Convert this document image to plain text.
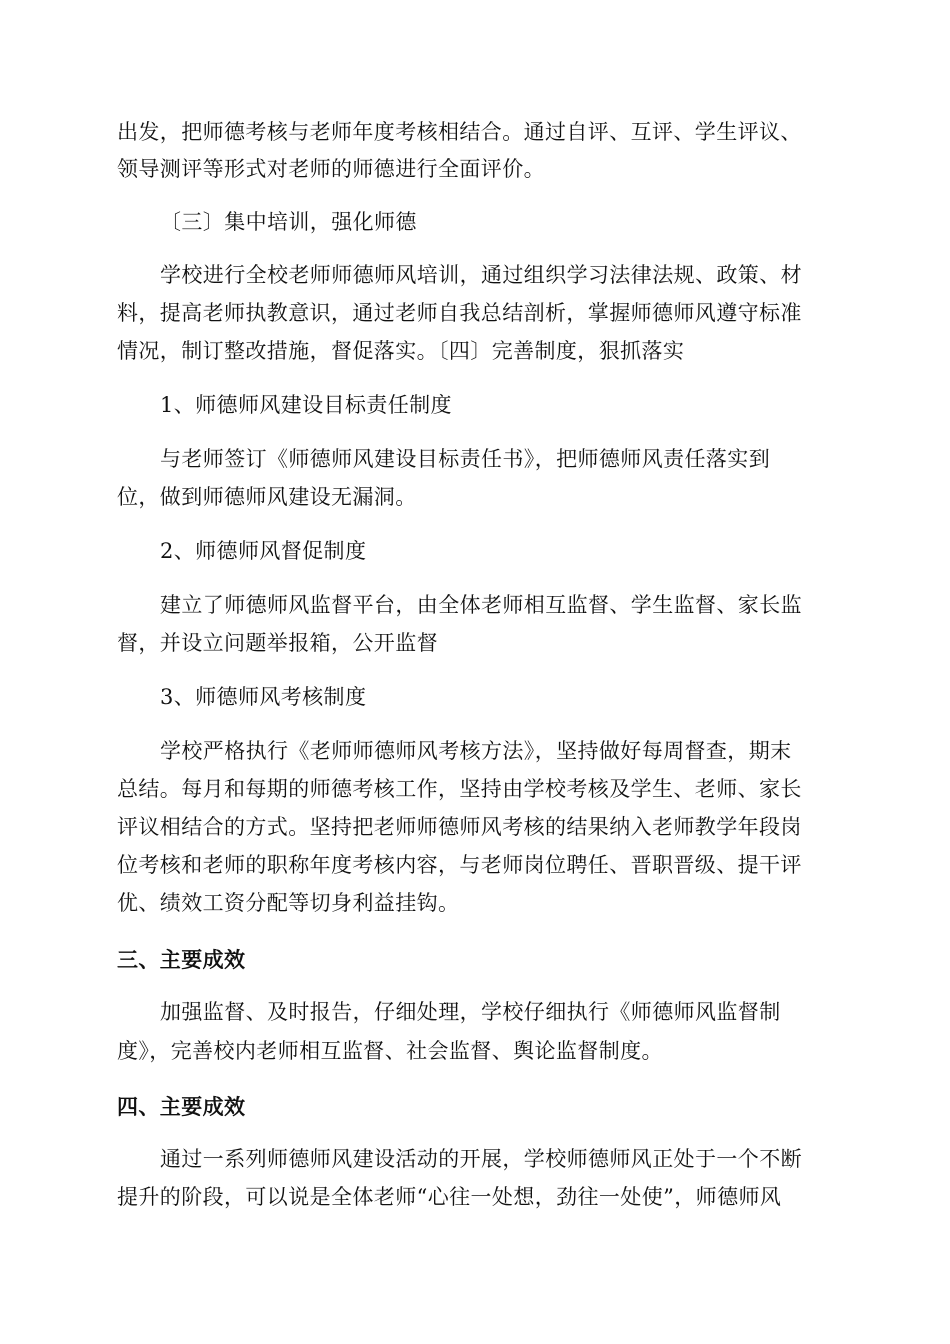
出发，把师德考核与老师年度考核相结合。通过自评、互评、学生评议、
领导测评等形式对老师的师德进行全面评价。
〔三〕集中培训，强化师德
学校进行全校老师师德师风培训，通过组织学习法律法规、政策、材
料，提高老师执教意识，通过老师自我总结剖析，掌握师德师风遵守标准
情况，制订整改措施，督促落实。〔四〕完善制度，狠抓落实
1、师德师风建设目标责任制度
与老师签订《师德师风建设目标责任书》，把师德师风责任落实到
位，做到师德师风建设无漏洞。
2、师德师风督促制度
建立了师德师风监督平台，由全体老师相互监督、学生监督、家长监
督，并设立问题举报箱，公开监督
3、师德师风考核制度
学校严格执行《老师师德师风考核方法》，坚持做好每周督查，期末
总结。每月和每期的师德考核工作，坚持由学校考核及学生、老师、家长
评议相结合的方式。坚持把老师师德师风考核的结果纳入老师教学年段岗
位考核和老师的职称年度考核内容，与老师岗位聘任、晋职晋级、提干评
优、绩效工资分配等切身利益挂钩。
三、主要成效
加强监督、及时报告，仔细处理，学校仔细执行《师德师风监督制
度》，完善校内老师相互监督、社会监督、舆论监督制度。
四、主要成效
通过一系列师德师风建设活动的开展，学校师德师风正处于一个不断
提升的阶段，可以说是全体老师“心往一处想，劲往一处使”，师德师风
